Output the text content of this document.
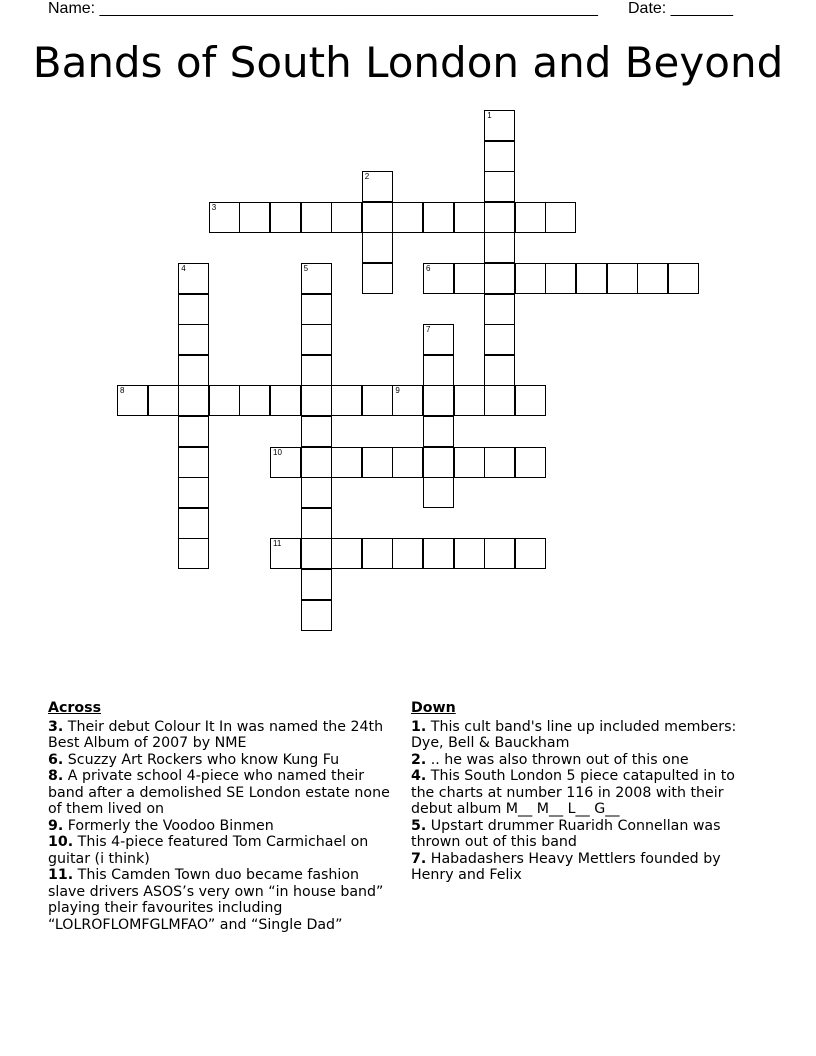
Name: ________________________________________________________ Date: _______
Bands of South London and Beyond
1
2
3
4	5	6
7
8	9
10
11
Across

3. Their debut Colour It In was named the 24th Best Album of 2007 by NME

6. Scuzzy Art Rockers who know Kung Fu

8. A private school 4-piece who named their band after a demolished SE London estate none of them lived on

9. Formerly the Voodoo Binmen

10. This 4-piece featured Tom Carmichael on guitar (i think)

11. This Camden Town duo became fashion slave drivers ASOS’s very own “in house band” playing their favourites including “LOLROFLOMFGLMFAO” and “Single Dad”

Down

1. This cult band's line up included members: Dye, Bell & Bauckham

2. .. he was also thrown out of this one

4. This South London 5 piece catapulted in to the charts at number 116 in 2008 with their debut album M__ M__ L__ G__

5. Upstart drummer Ruaridh Connellan was thrown out of this band

7. Habadashers Heavy Mettlers founded by Henry and Felix
